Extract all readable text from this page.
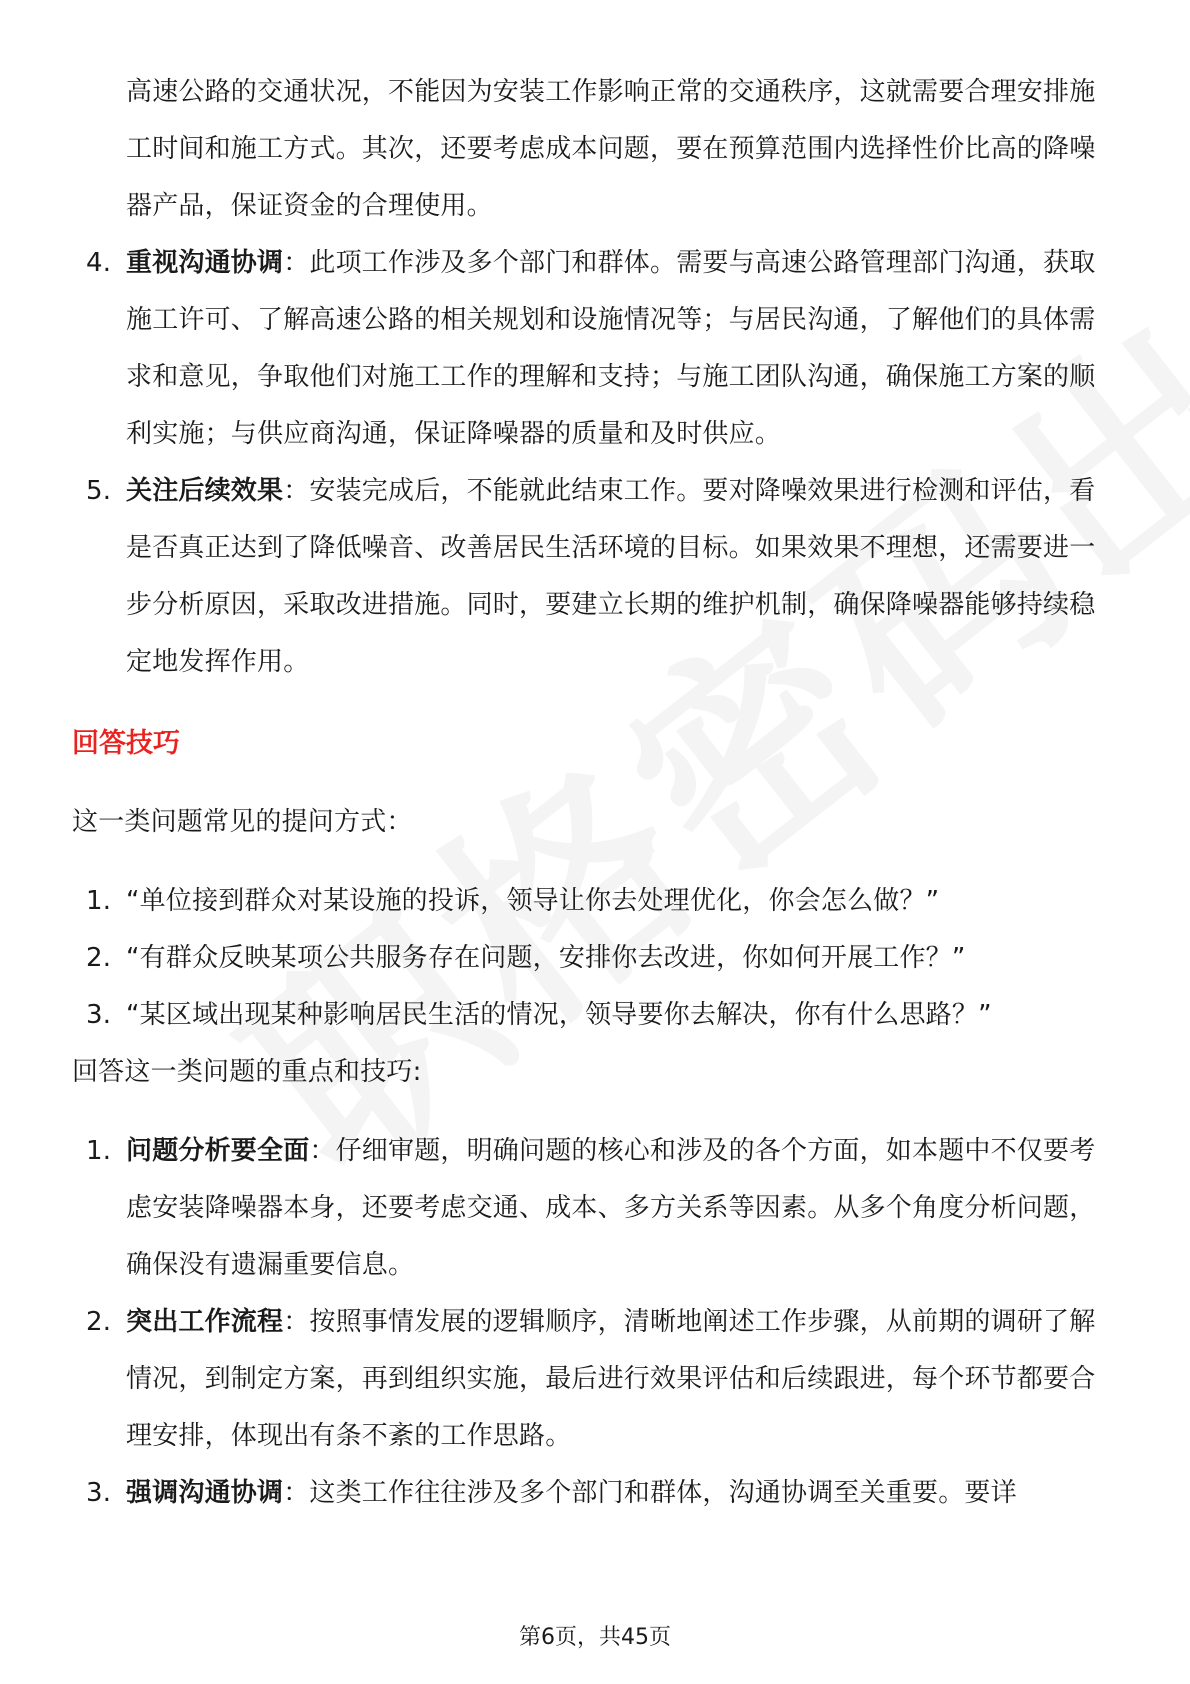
高速公路的交通状况，不能因为安装工作影响正常的交通秩序，这就需要合理安排施工时间和施工方式。其次，还要考虑成本问题，要在预算范围内选择性价比高的降噪器产品，保证资金的合理使用。

4. 重视沟通协调：此项工作涉及多个部门和群体。需要与高速公路管理部门沟通，获取施工许可、了解高速公路的相关规划和设施情况等；与居民沟通，了解他们的具体需求和意见，争取他们对施工工作的理解和支持；与施工团队沟通，确保施工方案的顺利实施；与供应商沟通，保证降噪器的质量和及时供应。
5. 关注后续效果：安装完成后，不能就此结束工作。要对降噪效果进行检测和评估，看是否真正达到了降低噪音、改善居民生活环境的目标。如果效果不理想，还需要进一步分析原因，采取改进措施。同时，要建立长期的维护机制，确保降噪器能够持续稳定地发挥作用。
回答技巧

这一类问题常见的提问方式：

1. “单位接到群众对某设施的投诉，领导让你去处理优化，你会怎么做？”
2. “有群众反映某项公共服务存在问题，安排你去改进，你如何开展工作？”
3. “某区域出现某种影响居民生活的情况，领导要你去解决，你有什么思路？”

回答这一类问题的重点和技巧:

1. 问题分析要全面：仔细审题，明确问题的核心和涉及的各个方面，如本题中不仅要考虑安装降噪器本身，还要考虑交通、成本、多方关系等因素。从多个角度分析问题，确保没有遗漏重要信息。
2. 突出工作流程：按照事情发展的逻辑顺序，清晰地阐述工作步骤，从前期的调研了解情况，到制定方案，再到组织实施，最后进行效果评估和后续跟进，每个环节都要合理安排，体现出有条不紊的工作思路。
3. 强调沟通协调：这类工作往往涉及多个部门和群体，沟通协调至关重要。要详
第6页，共45页
